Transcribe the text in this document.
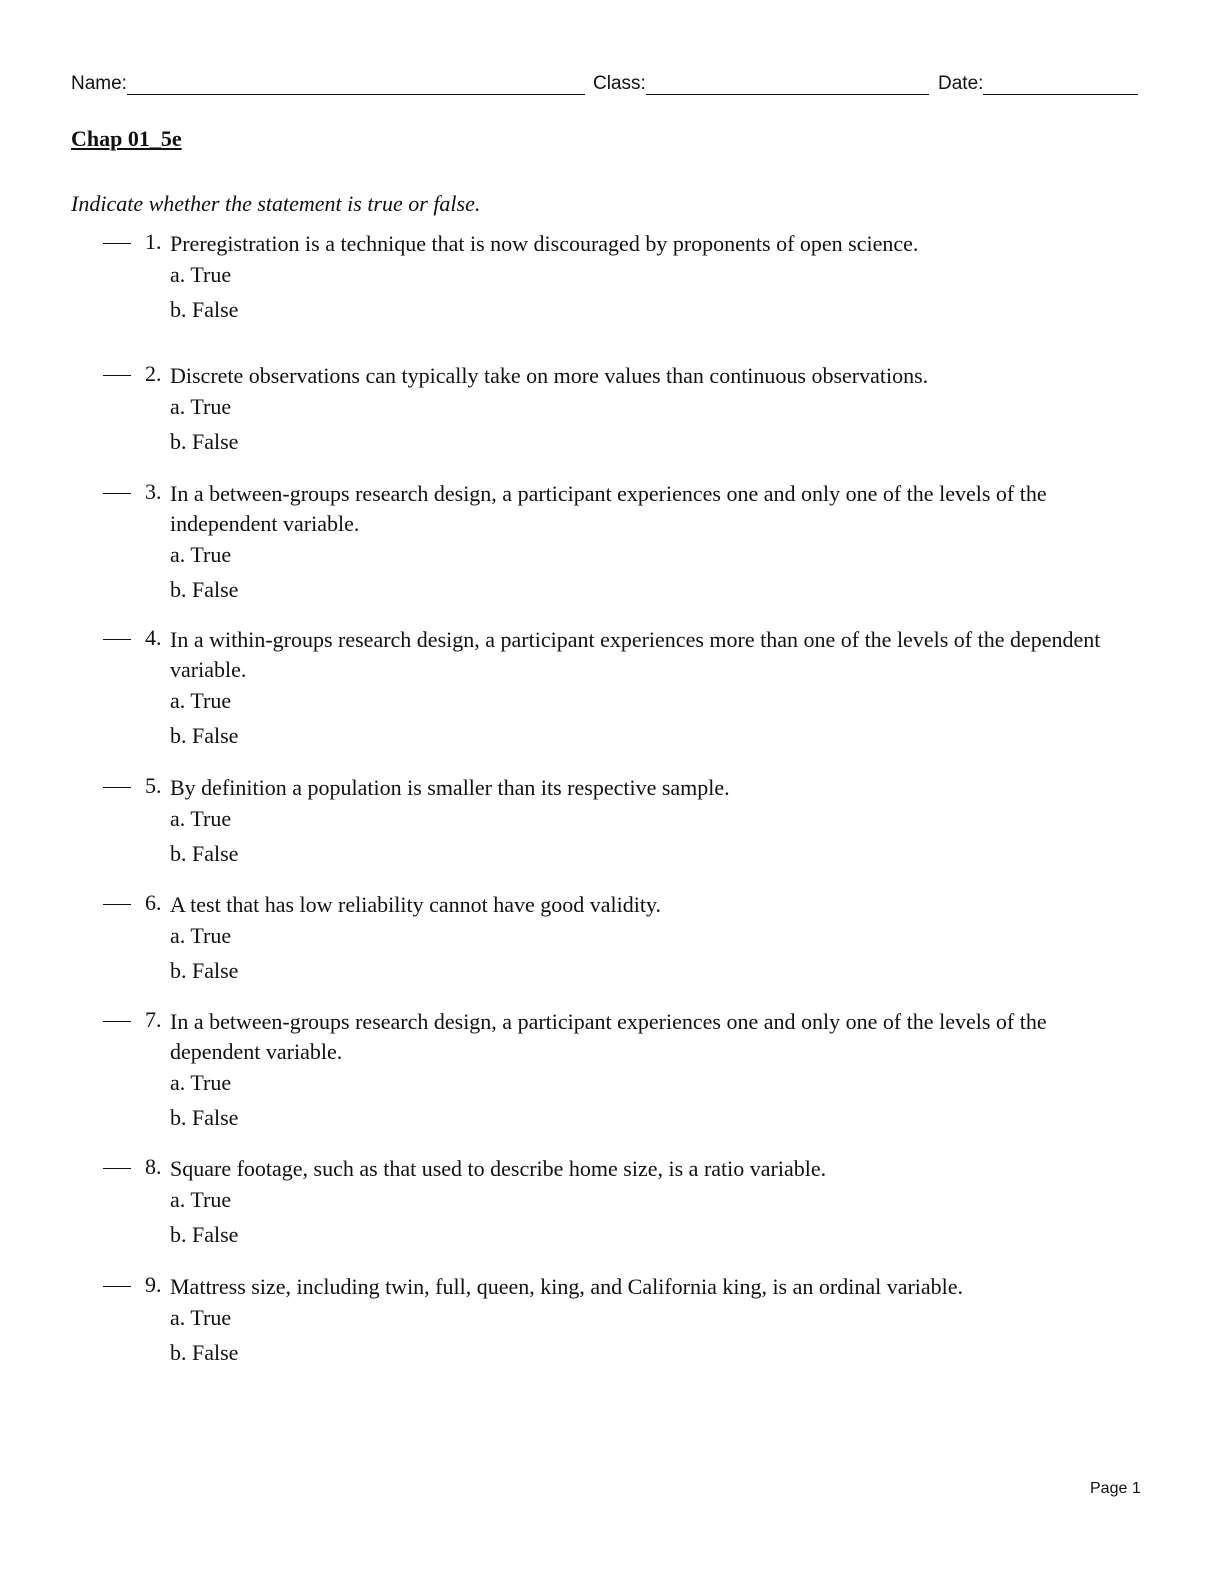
Name:	Class:	Date:
Chap 01_5e
Indicate whether the statement is true or false.
1. Preregistration is a technique that is now discouraged by proponents of open science.
a. True
b. False
2. Discrete observations can typically take on more values than continuous observations.
a. True
b. False
3. In a between-groups research design, a participant experiences one and only one of the levels of the
independent variable.
a. True
b. False
4. In a within-groups research design, a participant experiences more than one of the levels of the dependent
variable.
a. True
b. False
5. By definition a population is smaller than its respective sample.
a. True
b. False
6. A test that has low reliability cannot have good validity.
a. True
b. False
7. In a between-groups research design, a participant experiences one and only one of the levels of the
dependent variable.
a. True
b. False
8. Square footage, such as that used to describe home size, is a ratio variable.
a. True
b. False
9. Mattress size, including twin, full, queen, king, and California king, is an ordinal variable.
a. True
b. False
Page 1
